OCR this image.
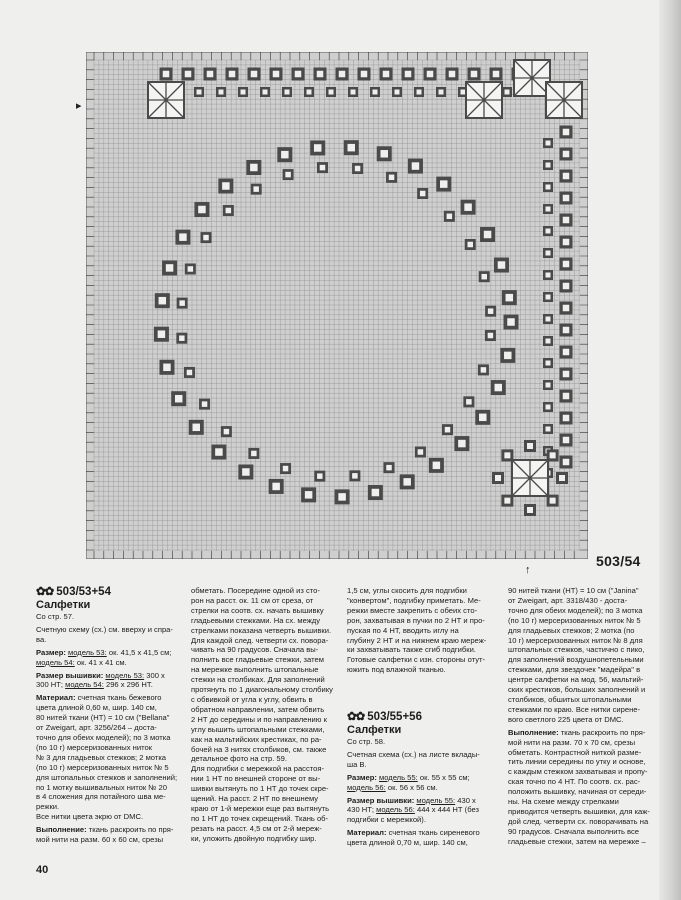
▸
↑
503/54
✿✿ 503/53+54
Салфетки

Со стр. 57.

Счетную схему (сх.) см. вверху и спра-

ва.

Размер: модель 53: ок. 41,5 х 41,5 см;

модель 54: ок. 41 х 41 см.

Размер вышивки: модель 53: 300 х

300 НТ; модель 54: 296 х 296 НТ.

Материал: счетная ткань бежевого

цвета длиной 0,60 м, шир. 140 см,

80 нитей ткани (НТ) = 10 см ("Bellana"

от Zweigart, арт. 3256/264 – доста-

точно для обеих моделей); по 3 мотка

(по 10 г) мерсеризованных ниток

№ 3 для гладьевых стежков; 2 мотка

(по 10 г) мерсеризованных ниток № 5

для штопальных стежков и заполнений;

по 1 мотку вышивальных ниток № 20

в 4 сложения для потайного шва ме-

режки.

Все нитки цвета экрю от DMC.

Выполнение: ткань раскроить по пря-

мой нити на разм. 60 х 60 см, срезы

обметать. Посередине одной из сто-

рон на расст. ок. 11 см от среза, от

стрелки на соотв. сх. начать вышивку

гладьевыми стежками. На сх. между

стрелками показана четверть вышивки.

Для каждой след. четверти сх. повора-

чивать на 90 градусов. Сначала вы-

полнить все гладьевые стежки, затем

на мережке выполнить штопальные

стежки на столбиках. Для заполнений

протянуть по 1 диагональному столбику

с обвивкой от угла к углу, обвить в

обратном направлении, затем обвить

2 НТ до середины и по направлению к

углу вышить штопальными стежками,

как на мальтийских крестиках, по ра-

бочей на 3 нитях столбиков, см. также

детальное фото на стр. 59.

Для подгибки с мережкой на расстоя-

нии 1 НТ по внешней стороне от вы-

шивки вытянуть по 1 НТ до точек скре-

щений. На расст. 2 НТ по внешнему

краю от 1-й мережки еще раз вытянуть

по 1 НТ до точек скрещений. Ткань об-

резать на расст. 4,5 см от 2-й мереж-

ки, уложить двойную подгибку шир.

1,5 см, углы скосить для подгибки

"конвертом", подгибку приметать. Ме-

режки вместе закрепить с обеих сто-

рон, захватывая в пучки по 2 НТ и про-

пуская по 4 НТ, вводить иглу на

глубину 2 НТ и на нижнем краю мереж-

ки захватывать также сгиб подгибки.

Готовые салфетки с изн. стороны отут-

южить под влажной тканью.

✿✿ 503/55+56
Салфетки

Со стр. 58.

Счетная схема (сх.) на листе вклады-

ша В.

Размер: модель 55: ок. 55 х 55 см;

модель 56: ок. 56 х 56 см.

Размер вышивки: модель 55: 430 х

430 НТ; модель 56: 444 х 444 НТ (без

подгибки с мережкой).

Материал: счетная ткань сиреневого

цвета длиной 0,70 м, шир. 140 см,

90 нитей ткани (НТ) = 10 см ("Janina"

от Zweigart, арт. 3318/430 - доста-

точно для обеих моделей); по 3 мотка

(по 10 г) мерсеризованных ниток № 5

для гладьевых стежков; 2 мотка (по

10 г) мерсеризованных ниток № 8 для

штопальных стежков, частично с пико,

для заполнений воздушнопетельными

стежками, для звездочек "мадейра" в

центре салфетки на мод. 56, мальтий-

ских крестиков, больших заполнений и

столбиков, обшитых штопальными

стежками по краю. Все нитки сирене-

вого светлого 225 цвета от DMC.

Выполнение: ткань раскроить по пря-

мой нити на разм. 70 х 70 см, срезы

обметать. Контрастной ниткой размe-

тить линии середины по утку и основе,

с каждым стежком захватывая и пропу-

ская точно по 4 НТ. По соотв. сх. рас-

положить вышивку, начиная от середи-

ны. На схеме между стрелками

приводится четверть вышивки, для каж-

дой след. четверти сх. поворачивать на

90 градусов. Сначала выполнить все

гладьевые стежки, затем на мережке –

40
